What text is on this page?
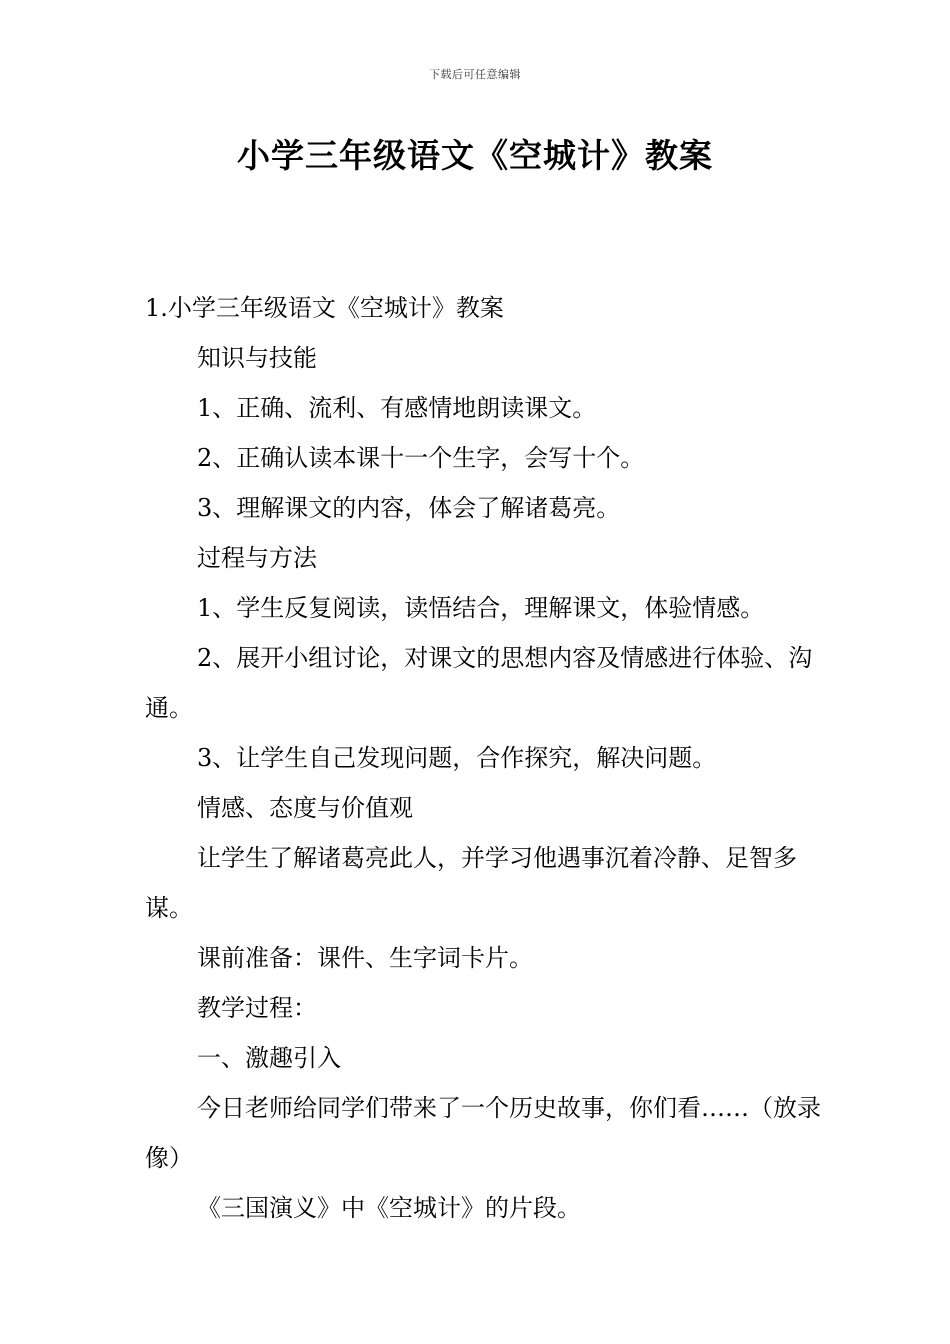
下载后可任意编辑
小学三年级语文《空城计》教案

1.小学三年级语文《空城计》教案

知识与技能

1、正确、流利、有感情地朗读课文。

2、正确认读本课十一个生字，会写十个。

3、理解课文的内容，体会了解诸葛亮。

过程与方法

1、学生反复阅读，读悟结合，理解课文，体验情感。

2、展开小组讨论，对课文的思想内容及情感进行体验、沟通。

3、让学生自己发现问题，合作探究，解决问题。

情感、态度与价值观

让学生了解诸葛亮此人，并学习他遇事沉着冷静、足智多谋。

课前准备：课件、生字词卡片。

教学过程：

一、激趣引入

今日老师给同学们带来了一个历史故事，你们看……（放录像）

《三国演义》中《空城计》的片段。
